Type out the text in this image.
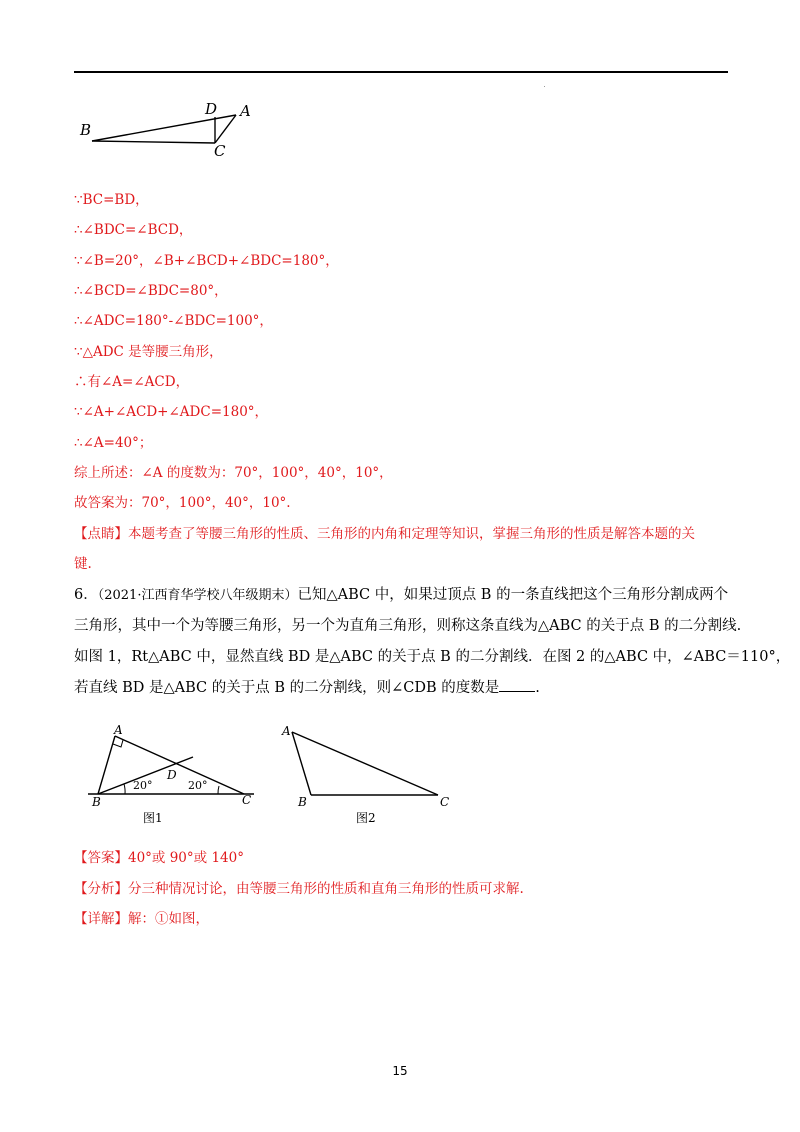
B
D A
C
∵BC=BD，
∴∠BDC=∠BCD，
∵∠B=20°，∠B+∠BCD+∠BDC=180°，
∴∠BCD=∠BDC=80°，
∴∠ADC=180°-∠BDC=100°，
∵△ADC 是等腰三角形，
∴有∠A=∠ACD，
∵∠A+∠ACD+∠ADC=180°，
∴∠A=40°；
综上所述：∠A 的度数为：70°，100°，40°，10°，
故答案为：70°，100°，40°，10°.
【点睛】本题考查了等腰三角形的性质、三角形的内角和定理等知识，掌握三角形的性质是解答本题的关
键.

6．（2021·江西育华学校八年级期末）已知△ABC 中，如果过顶点 B 的一条直线把这个三角形分割成两个

三角形，其中一个为等腰三角形，另一个为直角三角形，则称这条直线为△ABC 的关于点 B 的二分割线.

如图 1，Rt△ABC 中，显然直线 BD 是△ABC 的关于点 B 的二分割线．在图 2 的△ABC 中，∠ABC＝110°，

若直线 BD 是△ABC 的关于点 B 的二分割线，则∠CDB 的度数是 .

A
B	C
D
20°	20°
图1
A
B	C
图2
【答案】40°或 90°或 140°
【分析】分三种情况讨论，由等腰三角形的性质和直角三角形的性质可求解.
【详解】解：①如图，
15
